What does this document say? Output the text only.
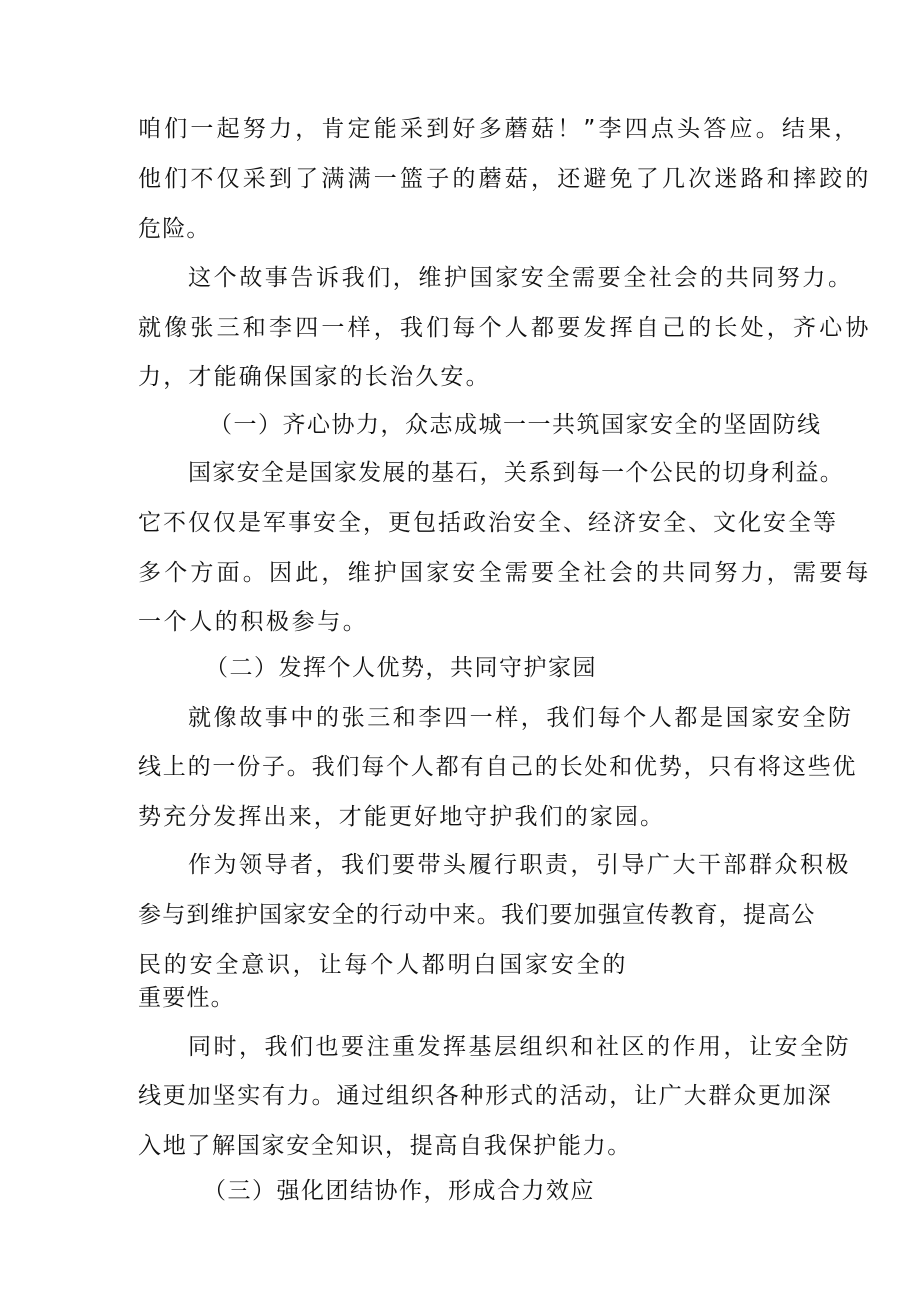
咱们一起努力，肯定能采到好多蘑菇！”李四点头答应。结果，
他们不仅采到了满满一篮子的蘑菇，还避免了几次迷路和摔跤的
危险。
这个故事告诉我们，维护国家安全需要全社会的共同努力。
就像张三和李四一样，我们每个人都要发挥自己的长处，齐心协
力，才能确保国家的长治久安。
（一）齐心协力，众志成城一一共筑国家安全的坚固防线
国家安全是国家发展的基石，关系到每一个公民的切身利益。
它不仅仅是军事安全，更包括政治安全、经济安全、文化安全等
多个方面。因此，维护国家安全需要全社会的共同努力，需要每
一个人的积极参与。
（二）发挥个人优势，共同守护家园
就像故事中的张三和李四一样，我们每个人都是国家安全防
线上的一份子。我们每个人都有自己的长处和优势，只有将这些优
势充分发挥出来，才能更好地守护我们的家园。
作为领导者，我们要带头履行职责，引导广大干部群众积极
参与到维护国家安全的行动中来。我们要加强宣传教育，提高公
民的安全意识，让每个人都明白国家安全的
重要性。
同时，我们也要注重发挥基层组织和社区的作用，让安全防
线更加坚实有力。通过组织各种形式的活动，让广大群众更加深
入地了解国家安全知识，提高自我保护能力。
（三）强化团结协作，形成合力效应
